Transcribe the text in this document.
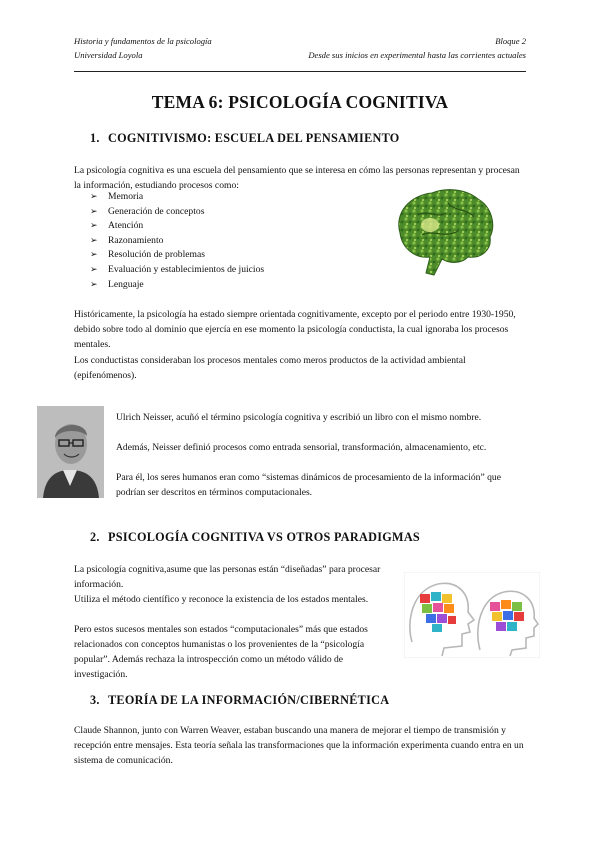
Historia y fundamentos de la psicología	Bloque 2
Universidad Loyola	Desde sus inicios en experimental hasta las corrientes actuales
TEMA 6: PSICOLOGÍA COGNITIVA
1. COGNITIVISMO: ESCUELA DEL PENSAMIENTO
La psicología cognitiva es una escuela del pensamiento que se interesa en cómo las personas representan y procesan la información, estudiando procesos como:
➢	Memoria
➢	Generación de conceptos
➢	Atención
➢	Razonamiento
➢	Resolución de problemas
➢	Evaluación y establecimientos de juicios
➢	Lenguaje
Históricamente, la psicología ha estado siempre orientada cognitivamente, excepto por el periodo entre 1930-1950, debido sobre todo al dominio que ejercía en ese momento la psicología conductista, la cual ignoraba los procesos mentales.
Los conductistas consideraban los procesos mentales como meros productos de la actividad ambiental (epifenómenos).
Ulrich Neisser, acuñó el término psicología cognitiva y escribió un libro con el mismo nombre.
Además, Neisser definió procesos como entrada sensorial, transformación, almacenamiento, etc.
Para él, los seres humanos eran como “sistemas dinámicos de procesamiento de la información” que podrían ser descritos en términos computacionales.
2. PSICOLOGÍA COGNITIVA VS OTROS PARADIGMAS
La psicología cognitiva,asume que las personas están “diseñadas” para procesar información.
Utiliza el método científico y reconoce la existencia de los estados mentales.
Pero estos sucesos mentales son estados “computacionales” más que estados relacionados con conceptos humanistas o los provenientes de la “psicología popular”. Además rechaza la introspección como un método válido de investigación.
3. TEORÍA DE LA INFORMACIÓN/CIBERNÉTICA
Claude Shannon, junto con Warren Weaver, estaban buscando una manera de mejorar el tiempo de transmisión y recepción entre mensajes. Esta teoría señala las transformaciones que la información experimenta cuando entra en un sistema de comunicación.
